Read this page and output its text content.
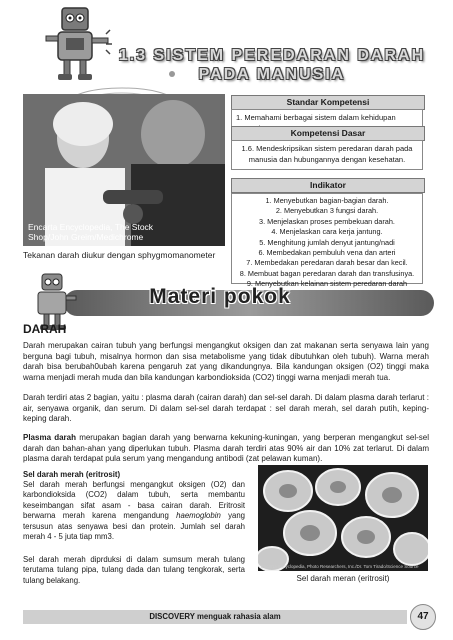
1.3 SISTEM PEREDARAN DARAH
PADA MANUSIA
Encarta Encyclopedia, The Stock
Shop/John Greim/Medichrome
Tekanan darah diukur dengan sphygmomanometer
Standar Kompetensi
1. Memahami berbagai sistem dalam kehidupan
Kompetensi Dasar
1.6. Mendeskripsikan sistem peredaran darah pada manusia dan hubungannya dengan kesehatan.
Indikator
1. Menyebutkan bagian-bagian darah.
2. Menyebutkan 3 fungsi darah.
3. Menjelaskan proses pembekuan darah.
4. Menjelaskan cara kerja jantung.
5. Menghitung jumlah denyut jantung/nadi
6. Membedakan pembuluh vena dan arteri
7. Membedakan peredaran darah besar dan kecil.
8. Membuat bagan peredaran darah dan transfusinya.
9. Menyebutkan kelainan sistem peredaran darah
Materi pokok
DARAH
Darah merupakan cairan tubuh yang berfungsi mengangkut oksigen dan zat makanan serta senyawa lain yang berguna bagi tubuh, misalnya hormon dan sisa metabolisme yang tidak dibutuhkan oleh tubuh). Warna merah darah bisa berubah0ubah karena pengaruh zat yang dikandungnya. Bila kandungan oksigen (O2) tinggi maka warna menjadi merah muda dan bila kandungan karbondioksida (CO2) tinggi warna menjadi merah tua.
Darah terdiri atas 2 bagian, yaitu : plasma darah (cairan darah) dan sel-sel darah. Di dalam plasma darah terlarut : air, senyawa organik, dan serum. Di dalam sel-sel darah terdapat : sel darah merah, sel darah putih, keping-keping darah.
Plasma darah merupakan bagian darah yang berwarna kekuning-kuningan, yang berperan mengangkut sel-sel darah dan bahan-ahan yang diperlukan tubuh. Plasma darah terdiri atas 90% air dan 10% zat terlarut. Di dalam plasma darah terdapat pula serum yang mengandung antibodi (zat pelawan kuman).
Sel darah merah (eritrosit)
Sel darah merah berfungsi mengangkut oksigen (O2) dan karbondioksida (CO2) dalam tubuh, serta membantu keseimbangan sifat asam - basa cairan darah. Eritrosit berwarna merah karena mengandung haemoglobin yang tersusun atas senyawa besi dan protein. Jumlah sel darah merah 4 - 5 juta tiap mm3.
Sel darah merah diprduksi di dalam sumsum merah tulang terutama tulang pipa, tulang dada dan tulang tengkorak, serta tulang belakang.
Encarta Encyclopedia, Photo Researchers, Inc./Dr. Tom Tirado/Science Source
Sel darah meran (eritrosit)
DISCOVERY menguak rahasia alam	47
